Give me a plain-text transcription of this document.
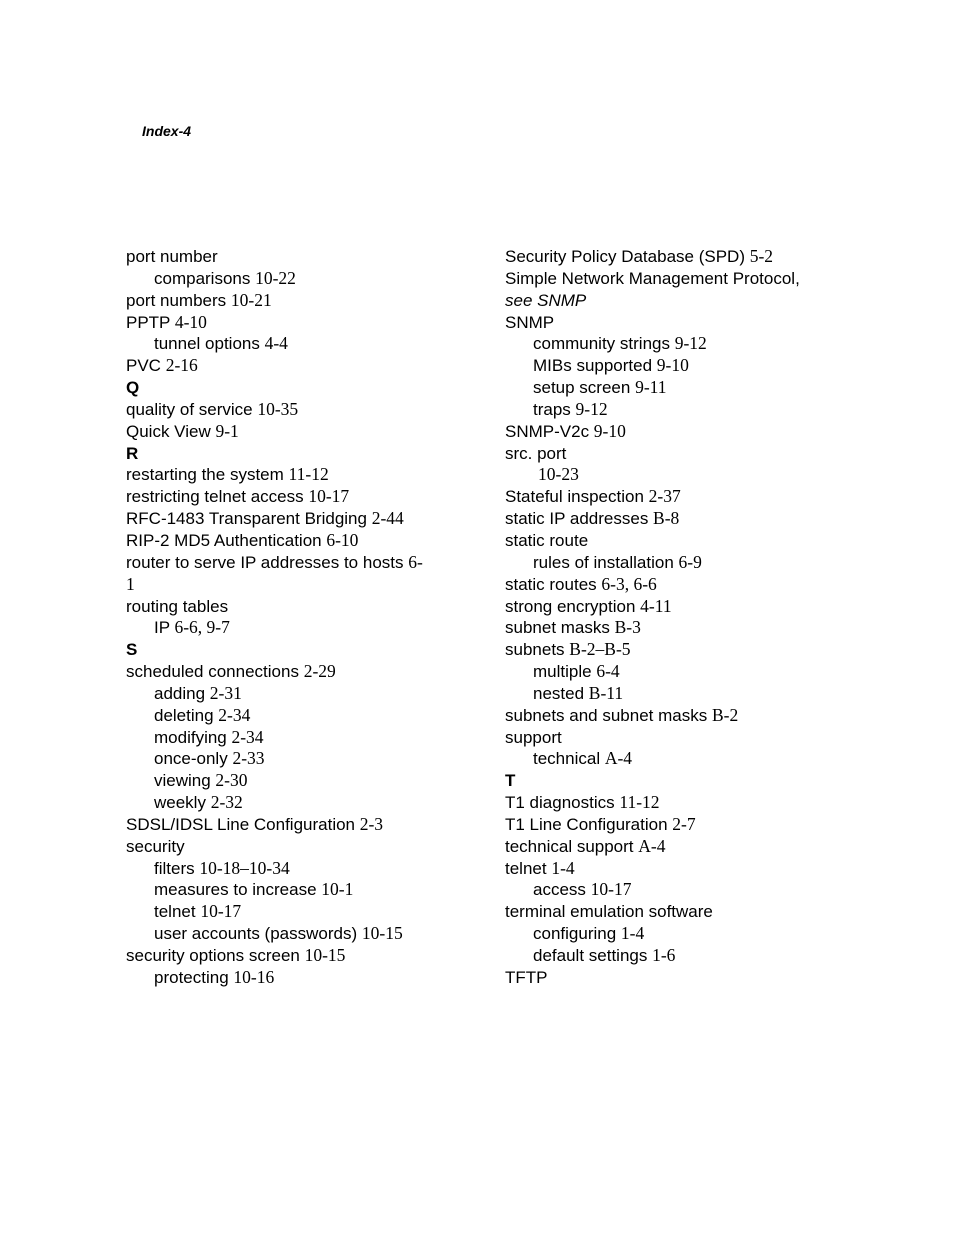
Index-4
port number
comparisons 10-22
port numbers 10-21
PPTP 4-10
tunnel options 4-4
PVC 2-16
Q
quality of service 10-35
Quick View 9-1
R
restarting the system 11-12
restricting telnet access 10-17
RFC-1483 Transparent Bridging 2-44
RIP-2 MD5 Authentication 6-10
router to serve IP addresses to hosts 6-
1
routing tables
IP 6-6, 9-7
S
scheduled connections 2-29
adding 2-31
deleting 2-34
modifying 2-34
once-only 2-33
viewing 2-30
weekly 2-32
SDSL/IDSL Line Configuration 2-3
security
filters 10-18–10-34
measures to increase 10-1
telnet 10-17
user accounts (passwords) 10-15
security options screen 10-15
protecting 10-16
Security Policy Database (SPD) 5-2
Simple Network Management Protocol,
see SNMP
SNMP
community strings 9-12
MIBs supported 9-10
setup screen 9-11
traps 9-12
SNMP-V2c 9-10
src. port
10-23
Stateful inspection 2-37
static IP addresses B-8
static route
rules of installation 6-9
static routes 6-3, 6-6
strong encryption 4-11
subnet masks B-3
subnets B-2–B-5
multiple 6-4
nested B-11
subnets and subnet masks B-2
support
technical A-4
T
T1 diagnostics 11-12
T1 Line Configuration 2-7
technical support A-4
telnet 1-4
access 10-17
terminal emulation software
configuring 1-4
default settings 1-6
TFTP
